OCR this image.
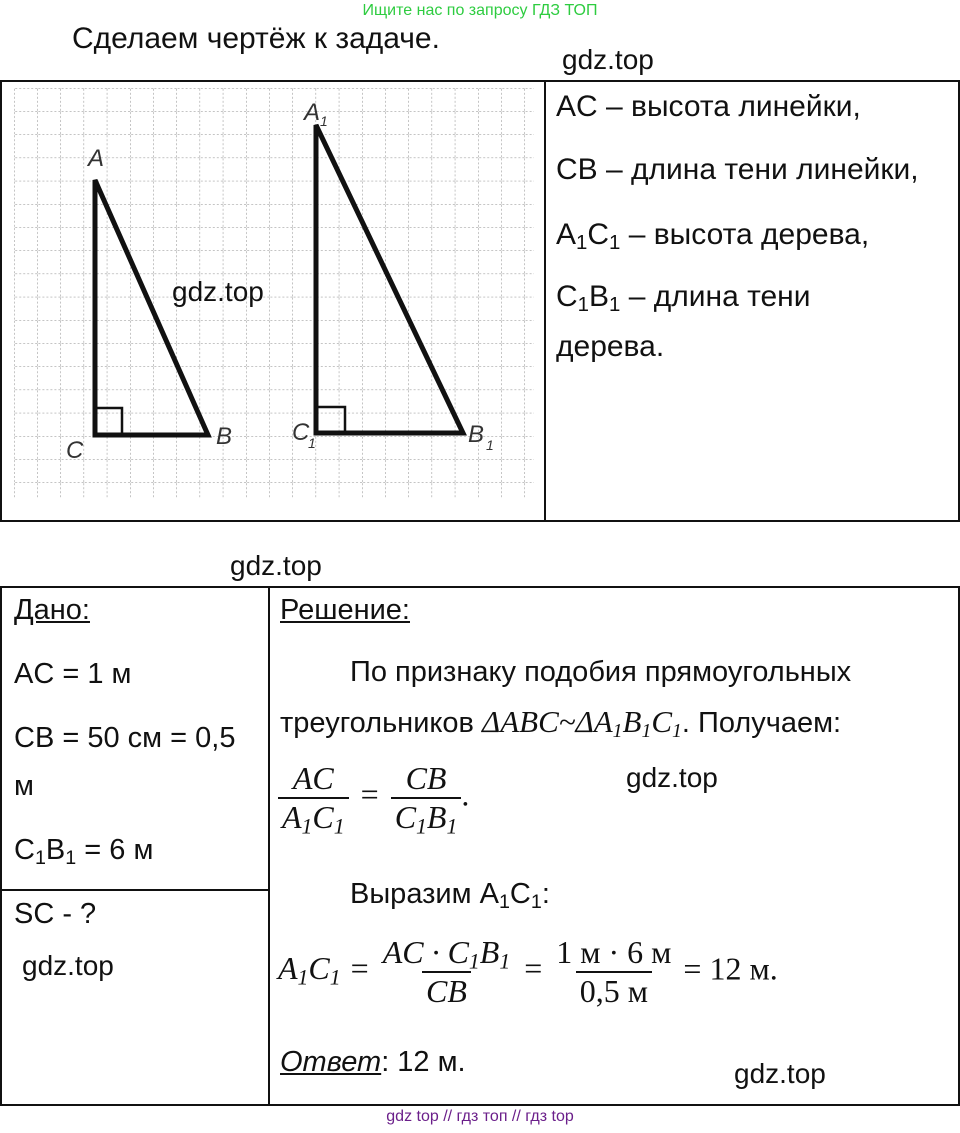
Ищите нас по запросу ГДЗ ТОП
Сделаем чертёж к задаче.
gdz.top
A
C
B
A 1
C
1	B 1
gdz.top
AC – высота линейки,
CB – длина тени линейки,
$A_1C_1$ – высота дерева,
$C_1B_1$ – длина тени
дерева.
gdz.top
Дано:
AC = 1 м
CB = 50 см = 0,5
м
$C_1B_1 = 6$ м
SC - ?
gdz.top
Решение:
По признаку подобия прямоугольных
треугольников $\Delta ABC\sim\Delta A_1B_1C_1$. Получаем:
$\frac{AC}{A_1C_1} = \frac{CB}{C_1B_1}$ .	gdz.top
Выразим $A_1C_1$:
$A_1C_1 = \frac{AC \cdot C_1B_1}{CB} = \frac{1 м \cdot 6 м}{0,5 м} = 12$ м.
Ответ: 12 м.	gdz.top
gdz top // гдз топ // гдз top
